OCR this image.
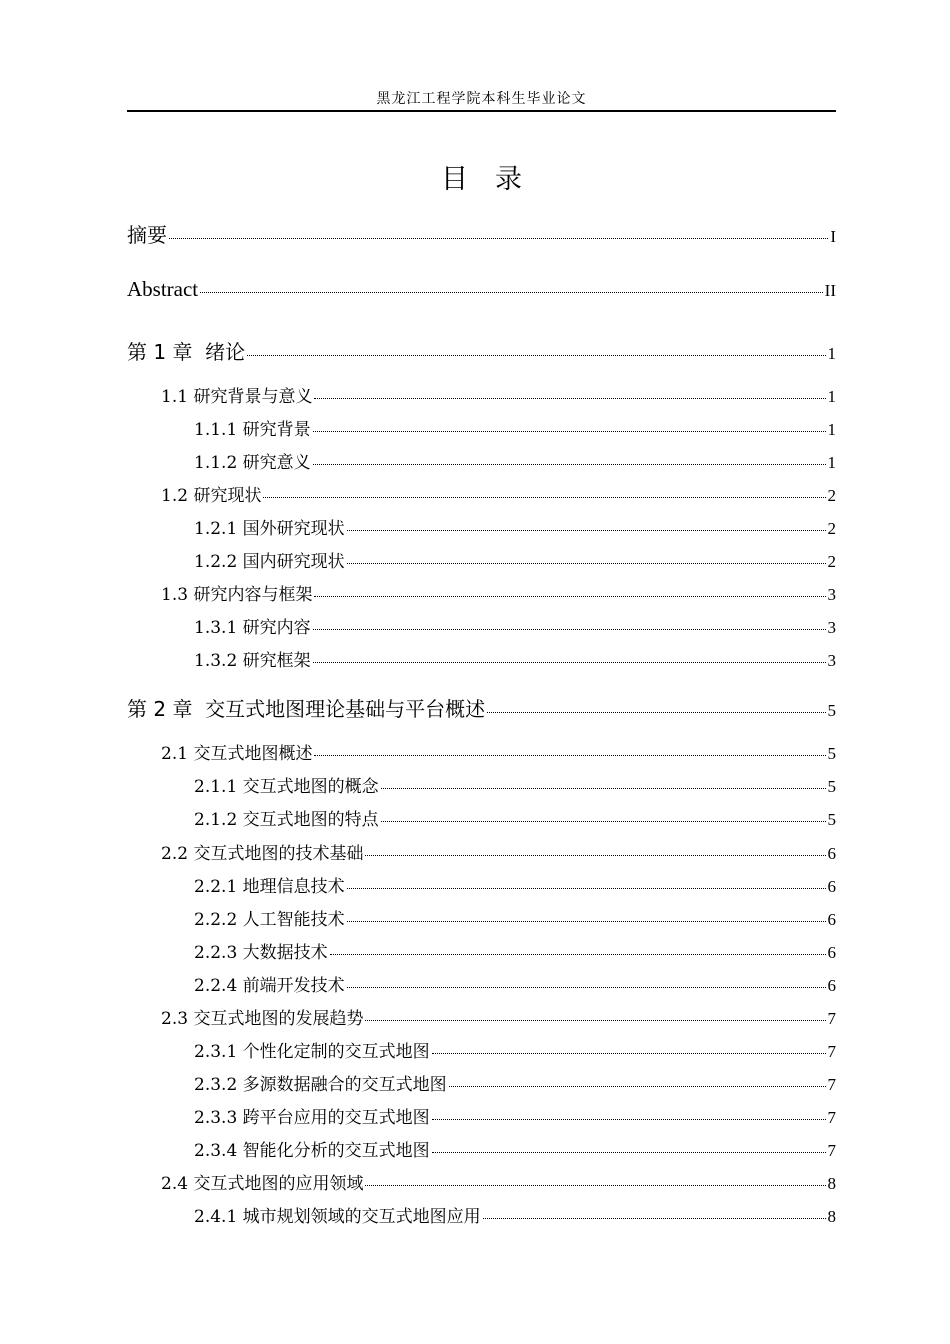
黑龙江工程学院本科生毕业论文
目　录
摘要	I
Abstract	II
第 1 章  绪论	1
1.1 研究背景与意义	1
1.1.1 研究背景	1
1.1.2 研究意义	1
1.2 研究现状	2
1.2.1 国外研究现状	2
1.2.2 国内研究现状	2
1.3 研究内容与框架	3
1.3.1 研究内容	3
1.3.2 研究框架	3
第 2 章  交互式地图理论基础与平台概述	5
2.1 交互式地图概述	5
2.1.1 交互式地图的概念	5
2.1.2 交互式地图的特点	5
2.2 交互式地图的技术基础	6
2.2.1 地理信息技术	6
2.2.2 人工智能技术	6
2.2.3 大数据技术	6
2.2.4 前端开发技术	6
2.3 交互式地图的发展趋势	7
2.3.1 个性化定制的交互式地图	7
2.3.2 多源数据融合的交互式地图	7
2.3.3 跨平台应用的交互式地图	7
2.3.4 智能化分析的交互式地图	7
2.4 交互式地图的应用领域	8
2.4.1 城市规划领域的交互式地图应用	8
